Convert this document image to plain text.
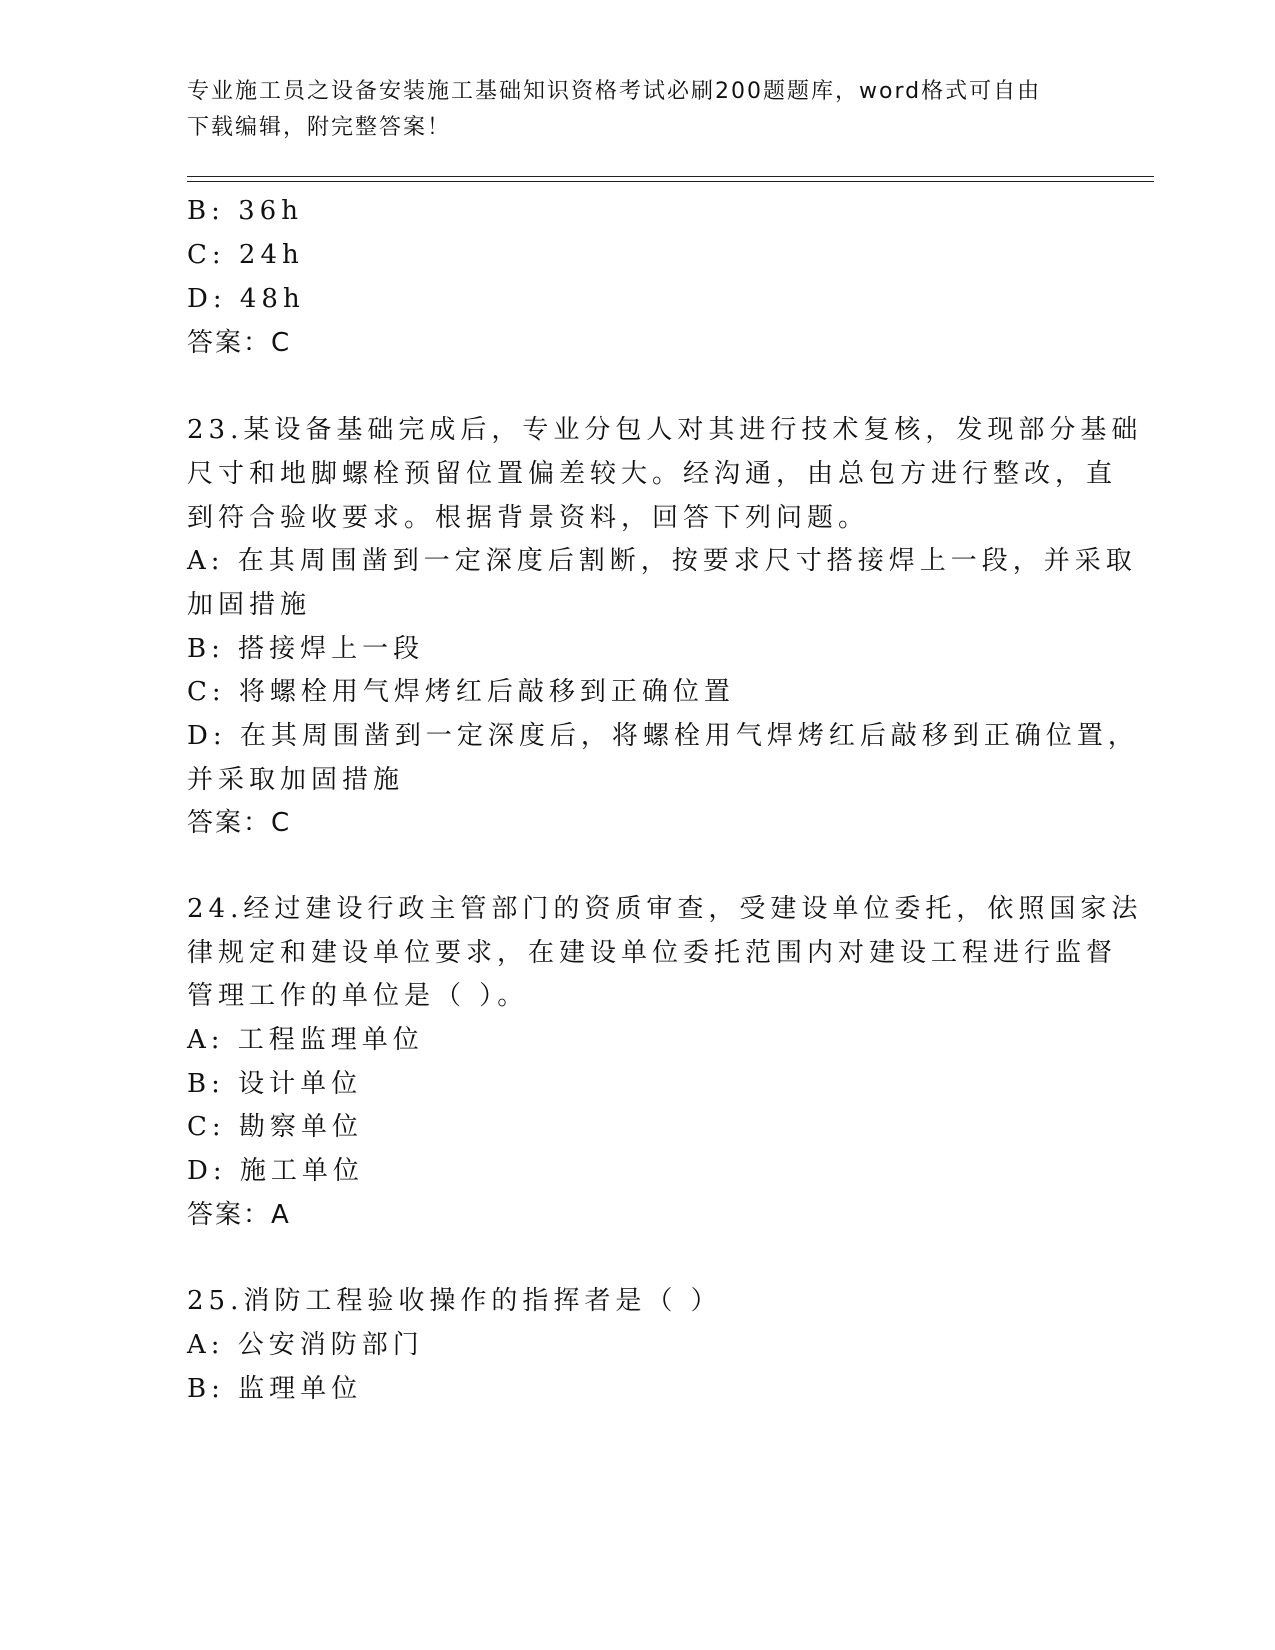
专业施工员之设备安装施工基础知识资格考试必刷200题题库，word格式可自由
下载编辑，附完整答案！
B: 36h
C: 24h
D: 48h
答案：C
23.某设备基础完成后，专业分包人对其进行技术复核，发现部分基础
尺寸和地脚螺栓预留位置偏差较大。经沟通，由总包方进行整改，直
到符合验收要求。根据背景资料，回答下列问题。
A: 在其周围凿到一定深度后割断，按要求尺寸搭接焊上一段，并采取
加固措施
B: 搭接焊上一段
C: 将螺栓用气焊烤红后敲移到正确位置
D: 在其周围凿到一定深度后，将螺栓用气焊烤红后敲移到正确位置，
并采取加固措施
答案：C
24.经过建设行政主管部门的资质审查，受建设单位委托，依照国家法
律规定和建设单位要求，在建设单位委托范围内对建设工程进行监督
管理工作的单位是（ ）。
A: 工程监理单位
B: 设计单位
C: 勘察单位
D: 施工单位
答案：A
25.消防工程验收操作的指挥者是（ ）
A: 公安消防部门
B: 监理单位
